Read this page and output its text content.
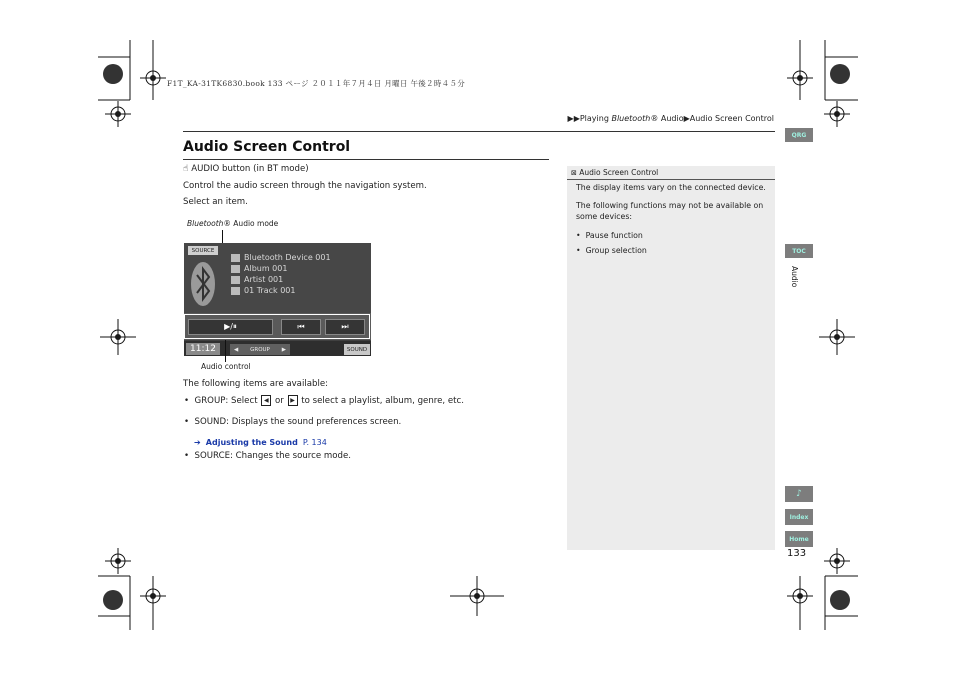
F1T_KA-31TK6830.book 133 ページ ２０１１年７月４日 月曜日 午後２時４５分
▶▶Playing Bluetooth® Audio▶Audio Screen Control
Audio Screen Control
☝ AUDIO button (in BT mode)
Control the audio screen through the navigation system.
Select an item.
Bluetooth® Audio mode
SOURCE
Bluetooth Device 001
Album 001
Artist 001
01 Track 001
▶/⏸	⏮	⏭
11:12	◀ GROUP ▶	SOUND
Audio control
The following items are available:
•  GROUP: Select ◀ or ▶ to select a playlist, album, genre, etc.
•  SOUND: Displays the sound preferences screen.
➔ Adjusting the Sound P. 134
•  SOURCE: Changes the source mode.
⊠ Audio Screen Control
The display items vary on the connected device.
The following functions may not be available on
some devices:
•  Pause function
•  Group selection
QRG
TOC
Audio
♪
Index
Home
133
